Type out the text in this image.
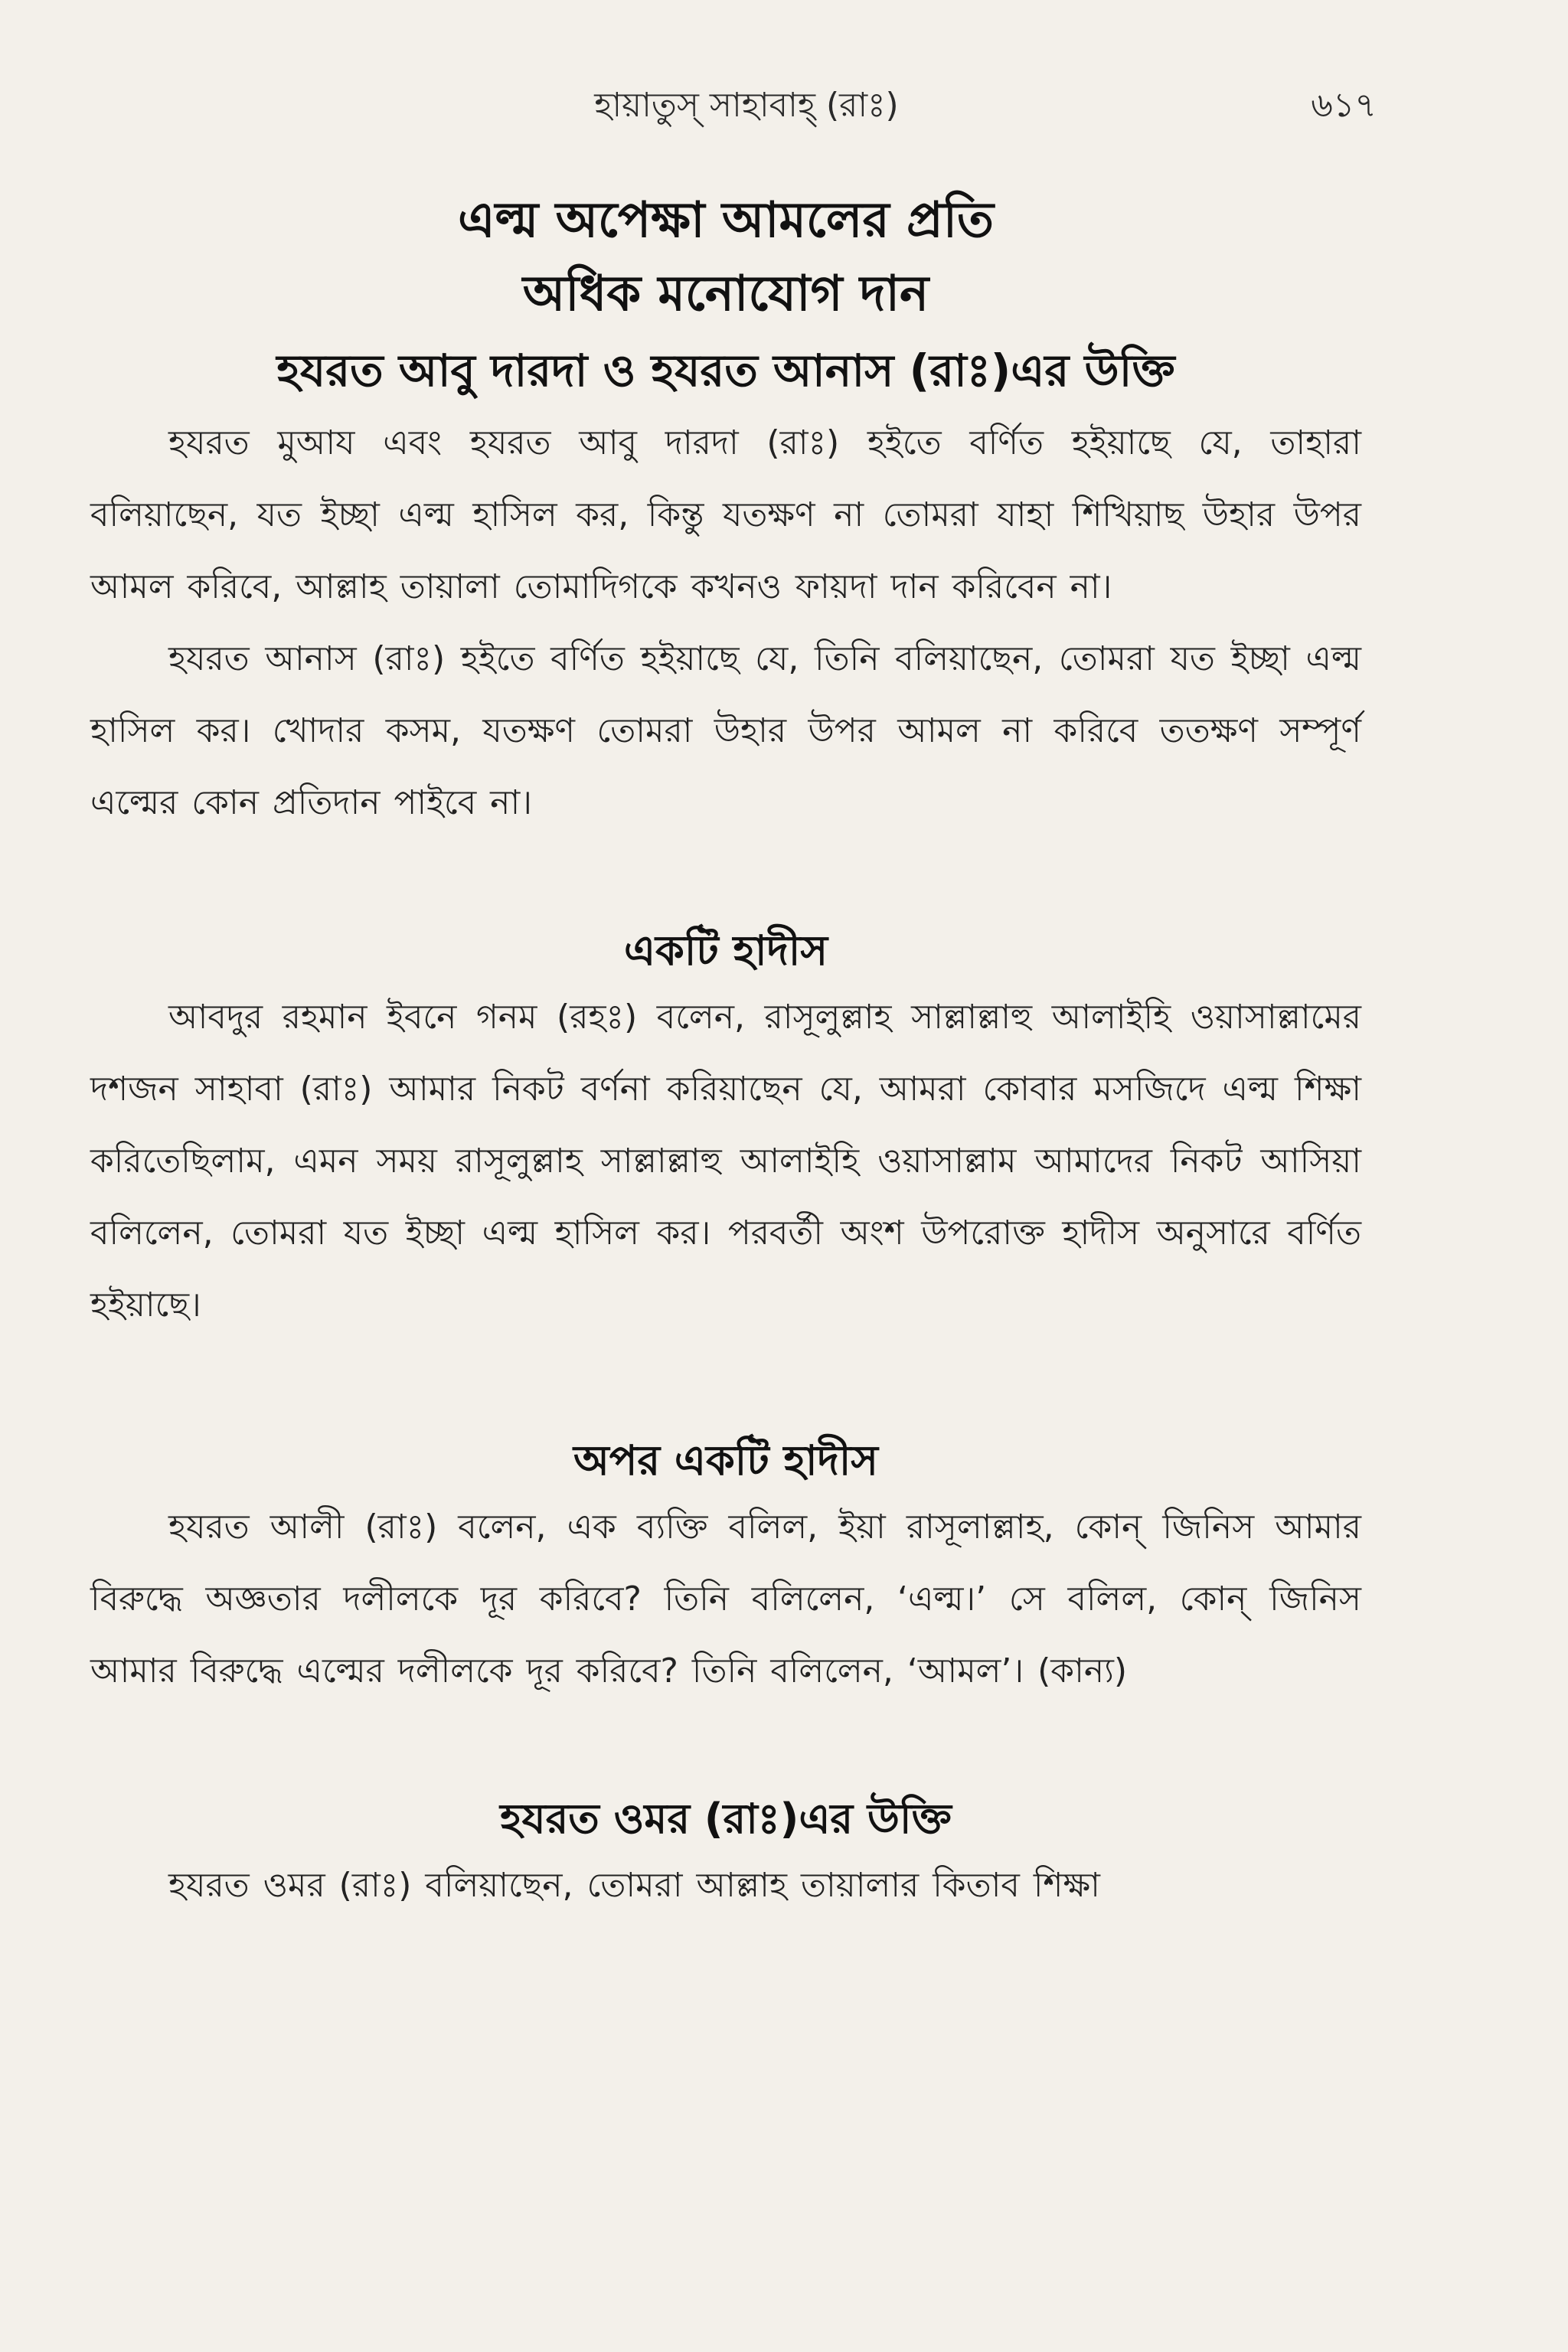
হায়াতুস্ সাহাবাহ্ (রাঃ)	৬১৭
এল্ম অপেক্ষা আমলের প্রতি
অধিক মনোযোগ দান
হযরত আবু দারদা ও হযরত আনাস (রাঃ)এর উক্তি

হযরত মুআয এবং হযরত আবু দারদা (রাঃ) হইতে বর্ণিত হইয়াছে যে, তাহারা বলিয়াছেন, যত ইচ্ছা এল্ম হাসিল কর, কিন্তু যতক্ষণ না তোমরা যাহা শিখিয়াছ উহার উপর আমল করিবে, আল্লাহ তায়ালা তোমাদিগকে কখনও ফায়দা দান করিবেন না।

হযরত আনাস (রাঃ) হইতে বর্ণিত হইয়াছে যে, তিনি বলিয়াছেন, তোমরা যত ইচ্ছা এল্ম হাসিল কর। খোদার কসম, যতক্ষণ তোমরা উহার উপর আমল না করিবে ততক্ষণ সম্পূর্ণ এল্মের কোন প্রতিদান পাইবে না।

একটি হাদীস

আবদুর রহমান ইবনে গনম (রহঃ) বলেন, রাসূলুল্লাহ সাল্লাল্লাহু আলাইহি ওয়াসাল্লামের দশজন সাহাবা (রাঃ) আমার নিকট বর্ণনা করিয়াছেন যে, আমরা কোবার মসজিদে এল্ম শিক্ষা করিতেছিলাম, এমন সময় রাসূলুল্লাহ সাল্লাল্লাহু আলাইহি ওয়াসাল্লাম আমাদের নিকট আসিয়া বলিলেন, তোমরা যত ইচ্ছা এল্ম হাসিল কর। পরবর্তী অংশ উপরোক্ত হাদীস অনুসারে বর্ণিত হইয়াছে।

অপর একটি হাদীস

হযরত আলী (রাঃ) বলেন, এক ব্যক্তি বলিল, ইয়া রাসূলাল্লাহ, কোন্ জিনিস আমার বিরুদ্ধে অজ্ঞতার দলীলকে দূর করিবে? তিনি বলিলেন, ‘এল্ম।’ সে বলিল, কোন্ জিনিস আমার বিরুদ্ধে এল্মের দলীলকে দূর করিবে? তিনি বলিলেন, ‘আমল’। (কান্য)

হযরত ওমর (রাঃ)এর উক্তি

হযরত ওমর (রাঃ) বলিয়াছেন, তোমরা আল্লাহ তায়ালার কিতাব শিক্ষা
